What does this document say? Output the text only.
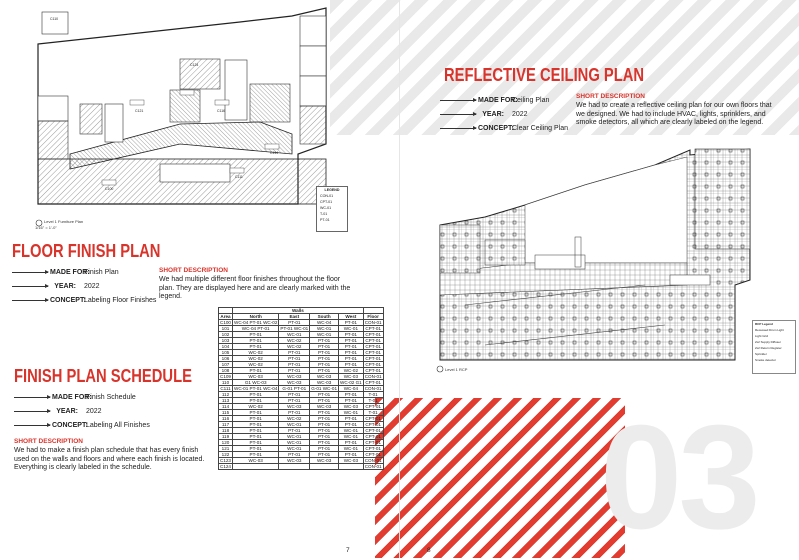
03
C124
C121	C116
C111
C100
C110
C114
Level 1 Furniture Plan
1/16" = 1'-0"
LEGEND
CON-01
CPT-01
WC-01
T-01
PT-01
FLOOR FINISH PLAN
MADE FOR:Finish Plan
YEAR: 2022
CONCEPT:Labeling Floor Finishes
SHORT DESCRIPTION
We had multiple different floor finishes throughout the floor plan. They are displayed here and are clearly marked with the legend.
FINISH PLAN SCHEDULE
MADE FOR:Finish Schedule
YEAR: 2022
CONCEPT:Labeling All Finishes
SHORT DESCRIPTION
We had to make a finish plan schedule that has every finish used on the walls and floors and where each finish is located. Everything is clearly labeled in the schedule.
	Walls				
Area	North	East	South	West	Floor
C100	WC-04 PT-01 WC-02	PT-01	WC-04	PT-01	CON-01
101	WC-04 PT-01	PT-01 WC-01	WC-01	WC-01	CPT-01
102	PT-01	WC-01	WC-01	PT-01	CPT-01
103	PT-01	WC-02	PT-01	PT-01	CPT-01
104	PT-01	WC-02	PT-01	PT-01	CPT-01
105	WC-02	PT-01	PT-01	PT-01	CPT-01
106	WC-02	PT-01	PT-01	PT-01	CPT-01
107	WC-02	PT-01	PT-01	PT-01	CPT-01
108	PT-01	PT-01	PT-01	WC-02	CPT-01
C109	WC-03	WC-03	WC-03	WC-03	CON-01
110	G1 WC-03	WC-03	WC-03	WC-02 G1	CPT-01
C111	WC-01 PT-01 WC-04	G-01 PT-01	G-01 WC-01	WC-04	CON-01
112	PT-01	PT-01	PT-01	PT-01	T-01
113	PT-01	PT-01	PT-01	PT-01	T-01
114	WC-02	WC-03	WC-03	WC-03	CPT-01
115	PT-01	PT-01	PT-01	WC-01	T-01
116	PT-01	WC-02	PT-01	PT-01	CPT-01
117	PT-01	WC-01	PT-01	PT-01	CPT-01
118	PT-01	PT-01	PT-01	WC-01	CPT-01
119	PT-01	WC-01	PT-01	WC-01	CPT-01
120	PT-01	WC-01	PT-01	PT-01	CPT-01
121	PT-01	WC-01	PT-01	WC-01	CPT-01
122	PT-01	PT-01	PT-01	PT-01	CPT-01
C123	WC-03	WC-03	WC-03	WC-03	CON-01
C124					CON-01
7
REFLECTIVE CEILING PLAN
MADE FOR:Ceiling Plan
YEAR: 2022
CONCEPT:Clear Ceiling Plan
SHORT DESCRIPTION
We had to create a reflective ceiling plan for our own floors that we designed. We had to include HVAC, lights, sprinklers, and smoke detectors, all which are clearly labeled on the legend.
Level 1 RCP
RCP Legend
Recessed Drum Light
Light Grid
2x2 Supply Diffuser
2x2 Return Register
Sprinkler
Smoke detector
8
